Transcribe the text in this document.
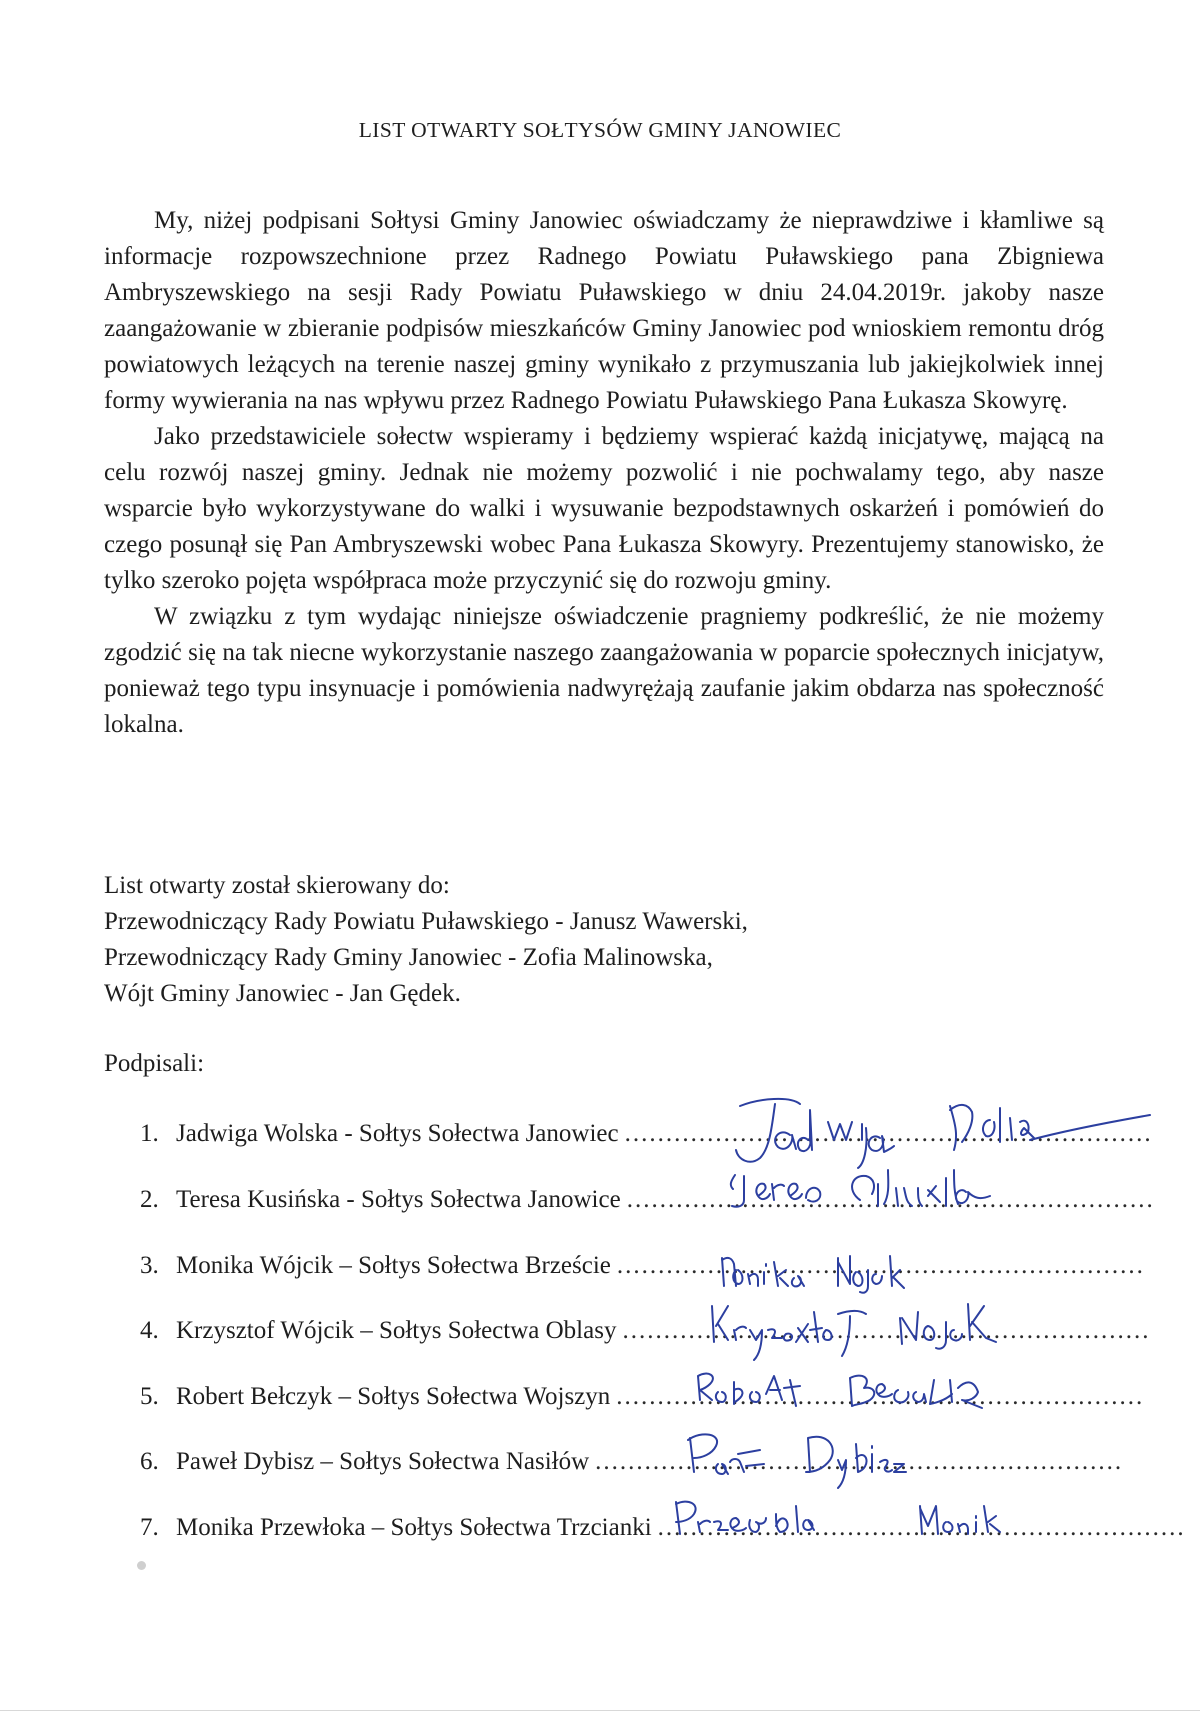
LIST OTWARTY SOŁTYSÓW GMINY JANOWIEC

My, niżej podpisani Sołtysi Gminy Janowiec oświadczamy że nieprawdziwe i kłamliwe są informacje rozpowszechnione przez Radnego Powiatu Puławskiego pana Zbigniewa Ambryszewskiego na sesji Rady Powiatu Puławskiego w dniu 24.04.2019r. jakoby nasze zaangażowanie w zbieranie podpisów mieszkańców Gminy Janowiec pod wnioskiem remontu dróg powiatowych leżących na terenie naszej gminy wynikało z przymuszania lub jakiejkolwiek innej formy wywierania na nas wpływu przez Radnego Powiatu Puławskiego Pana Łukasza Skowyrę.

Jako przedstawiciele sołectw wspieramy i będziemy wspierać każdą inicjatywę, mającą na celu rozwój naszej gminy. Jednak nie możemy pozwolić i nie pochwalamy tego, aby nasze wsparcie było wykorzystywane do walki i wysuwanie bezpodstawnych oskarżeń i pomówień do czego posunął się Pan Ambryszewski wobec Pana Łukasza Skowyry. Prezentujemy stanowisko, że tylko szeroko pojęta współpraca może przyczynić się do rozwoju gminy.

W związku z tym wydając niniejsze oświadczenie pragniemy podkreślić, że nie możemy zgodzić się na tak niecne wykorzystanie naszego zaangażowania w poparcie społecznych inicjatyw, ponieważ tego typu insynuacje i pomówienia nadwyrężają zaufanie jakim obdarza nas społeczność lokalna.

List otwarty został skierowany do:
Przewodniczący Rady Powiatu Puławskiego - Janusz Wawerski,
Przewodniczący Rady Gminy Janowiec - Zofia Malinowska,
Wójt Gminy Janowiec - Jan Gędek.
Podpisali:
1. Jadwiga Wolska - Sołtys Sołectwa Janowiec ................................................................
2. Teresa Kusińska - Sołtys Sołectwa Janowice ................................................................
3. Monika Wójcik – Sołtys Sołectwa Brzeście ................................................................
4. Krzysztof Wójcik – Sołtys Sołectwa Oblasy ................................................................
5. Robert Bełczyk – Sołtys Sołectwa Wojszyn ................................................................
6. Paweł Dybisz – Sołtys Sołectwa Nasiłów ................................................................
7. Monika Przewłoka – Sołtys Sołectwa Trzcianki ................................................................
